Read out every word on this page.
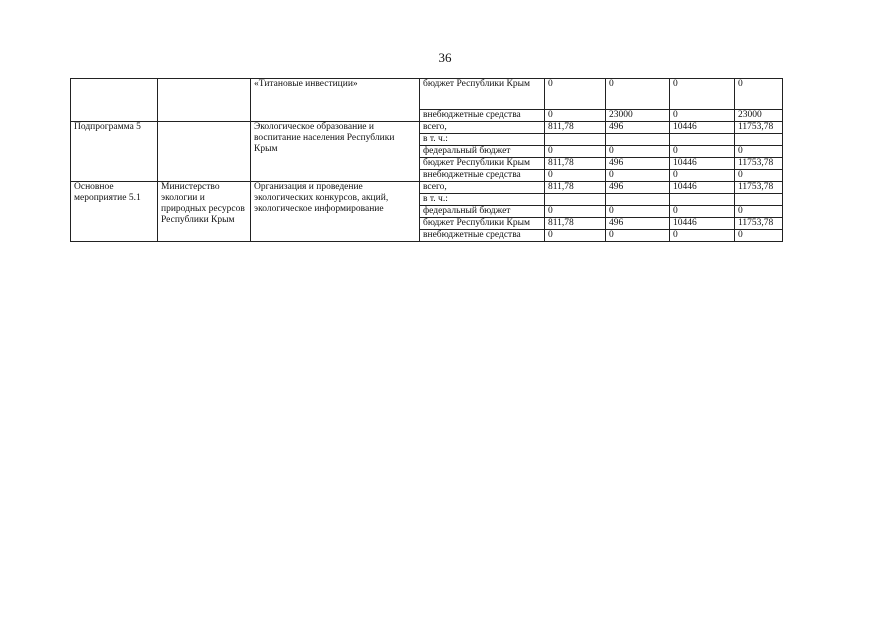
36
		«Титановые инвестиции»	бюджет Республики Крым	0	0	0	0
			внебюджетные средства	0	23000	0	23000
Подпрограмма 5		Экологическое образование и воспитание населения Республики Крым	всего,	811,78	496	10446	11753,78
			в т. ч.:				
			федеральный бюджет	0	0	0	0
			бюджет Республики Крым	811,78	496	10446	11753,78
			внебюджетные средства	0	0	0	0
Основное мероприятие 5.1	Министерство экологии и природных ресурсов Республики Крым	Организация и проведение экологических конкурсов, акций, экологическое информирование	всего,	811,78	496	10446	11753,78
			в т. ч.:				
			федеральный бюджет	0	0	0	0
			бюджет Республики Крым	811,78	496	10446	11753,78
			внебюджетные средства	0	0	0	0
